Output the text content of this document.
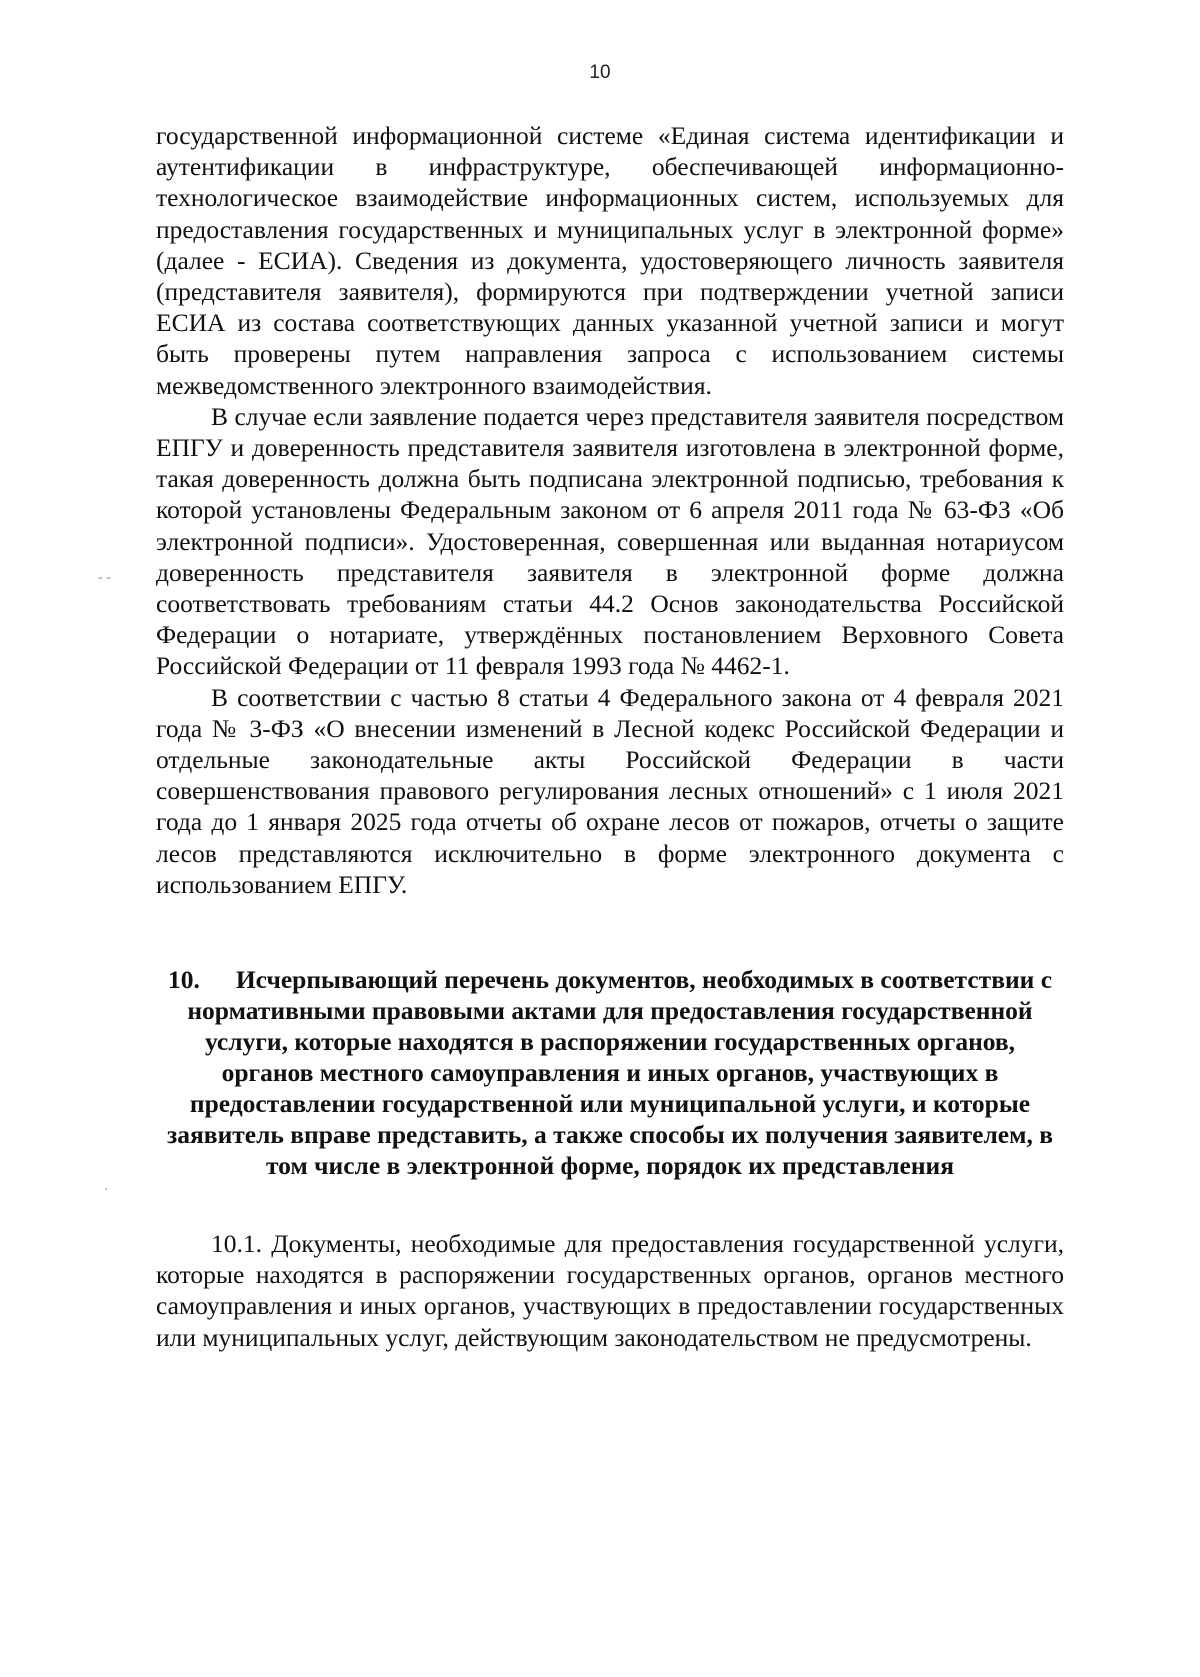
10

государственной информационной системе «Единая система идентификации и аутентификации в инфраструктуре, обеспечивающей информационно-технологическое взаимодействие информационных систем, используемых для предоставления государственных и муниципальных услуг в электронной форме» (далее - ЕСИА). Сведения из документа, удостоверяющего личность заявителя (представителя заявителя), формируются при подтверждении учетной записи ЕСИА из состава соответствующих данных указанной учетной записи и могут быть проверены путем направления запроса с использованием системы межведомственного электронного взаимодействия.

В случае если заявление подается через представителя заявителя посредством ЕПГУ и доверенность представителя заявителя изготовлена в электронной форме, такая доверенность должна быть подписана электронной подписью, требования к которой установлены Федеральным законом от 6 апреля 2011 года № 63-ФЗ «Об электронной подписи». Удостоверенная, совершенная или выданная нотариусом доверенность представителя заявителя в электронной форме должна соответствовать требованиям статьи 44.2 Основ законодательства Российской Федерации о нотариате, утверждённых постановлением Верховного Совета Российской Федерации от 11 февраля 1993 года № 4462-1.

В соответствии с частью 8 статьи 4 Федерального закона от 4 февраля 2021 года № 3-ФЗ «О внесении изменений в Лесной кодекс Российской Федерации и отдельные законодательные акты Российской Федерации в части совершенствования правового регулирования лесных отношений» с 1 июля 2021 года до 1 января 2025 года отчеты об охране лесов от пожаров, отчеты о защите лесов представляются исключительно в форме электронного документа с использованием ЕПГУ.

10. Исчерпывающий перечень документов, необходимых в соответствии с нормативными правовыми актами для предоставления государственной услуги, которые находятся в распоряжении государственных органов, органов местного самоуправления и иных органов, участвующих в предоставлении государственной или муниципальной услуги, и которые заявитель вправе представить, а также способы их получения заявителем, в том числе в электронной форме, порядок их представления

10.1. Документы, необходимые для предоставления государственной услуги, которые находятся в распоряжении государственных органов, органов местного самоуправления и иных органов, участвующих в предоставлении государственных или муниципальных услуг, действующим законодательством не предусмотрены.

- -
·
